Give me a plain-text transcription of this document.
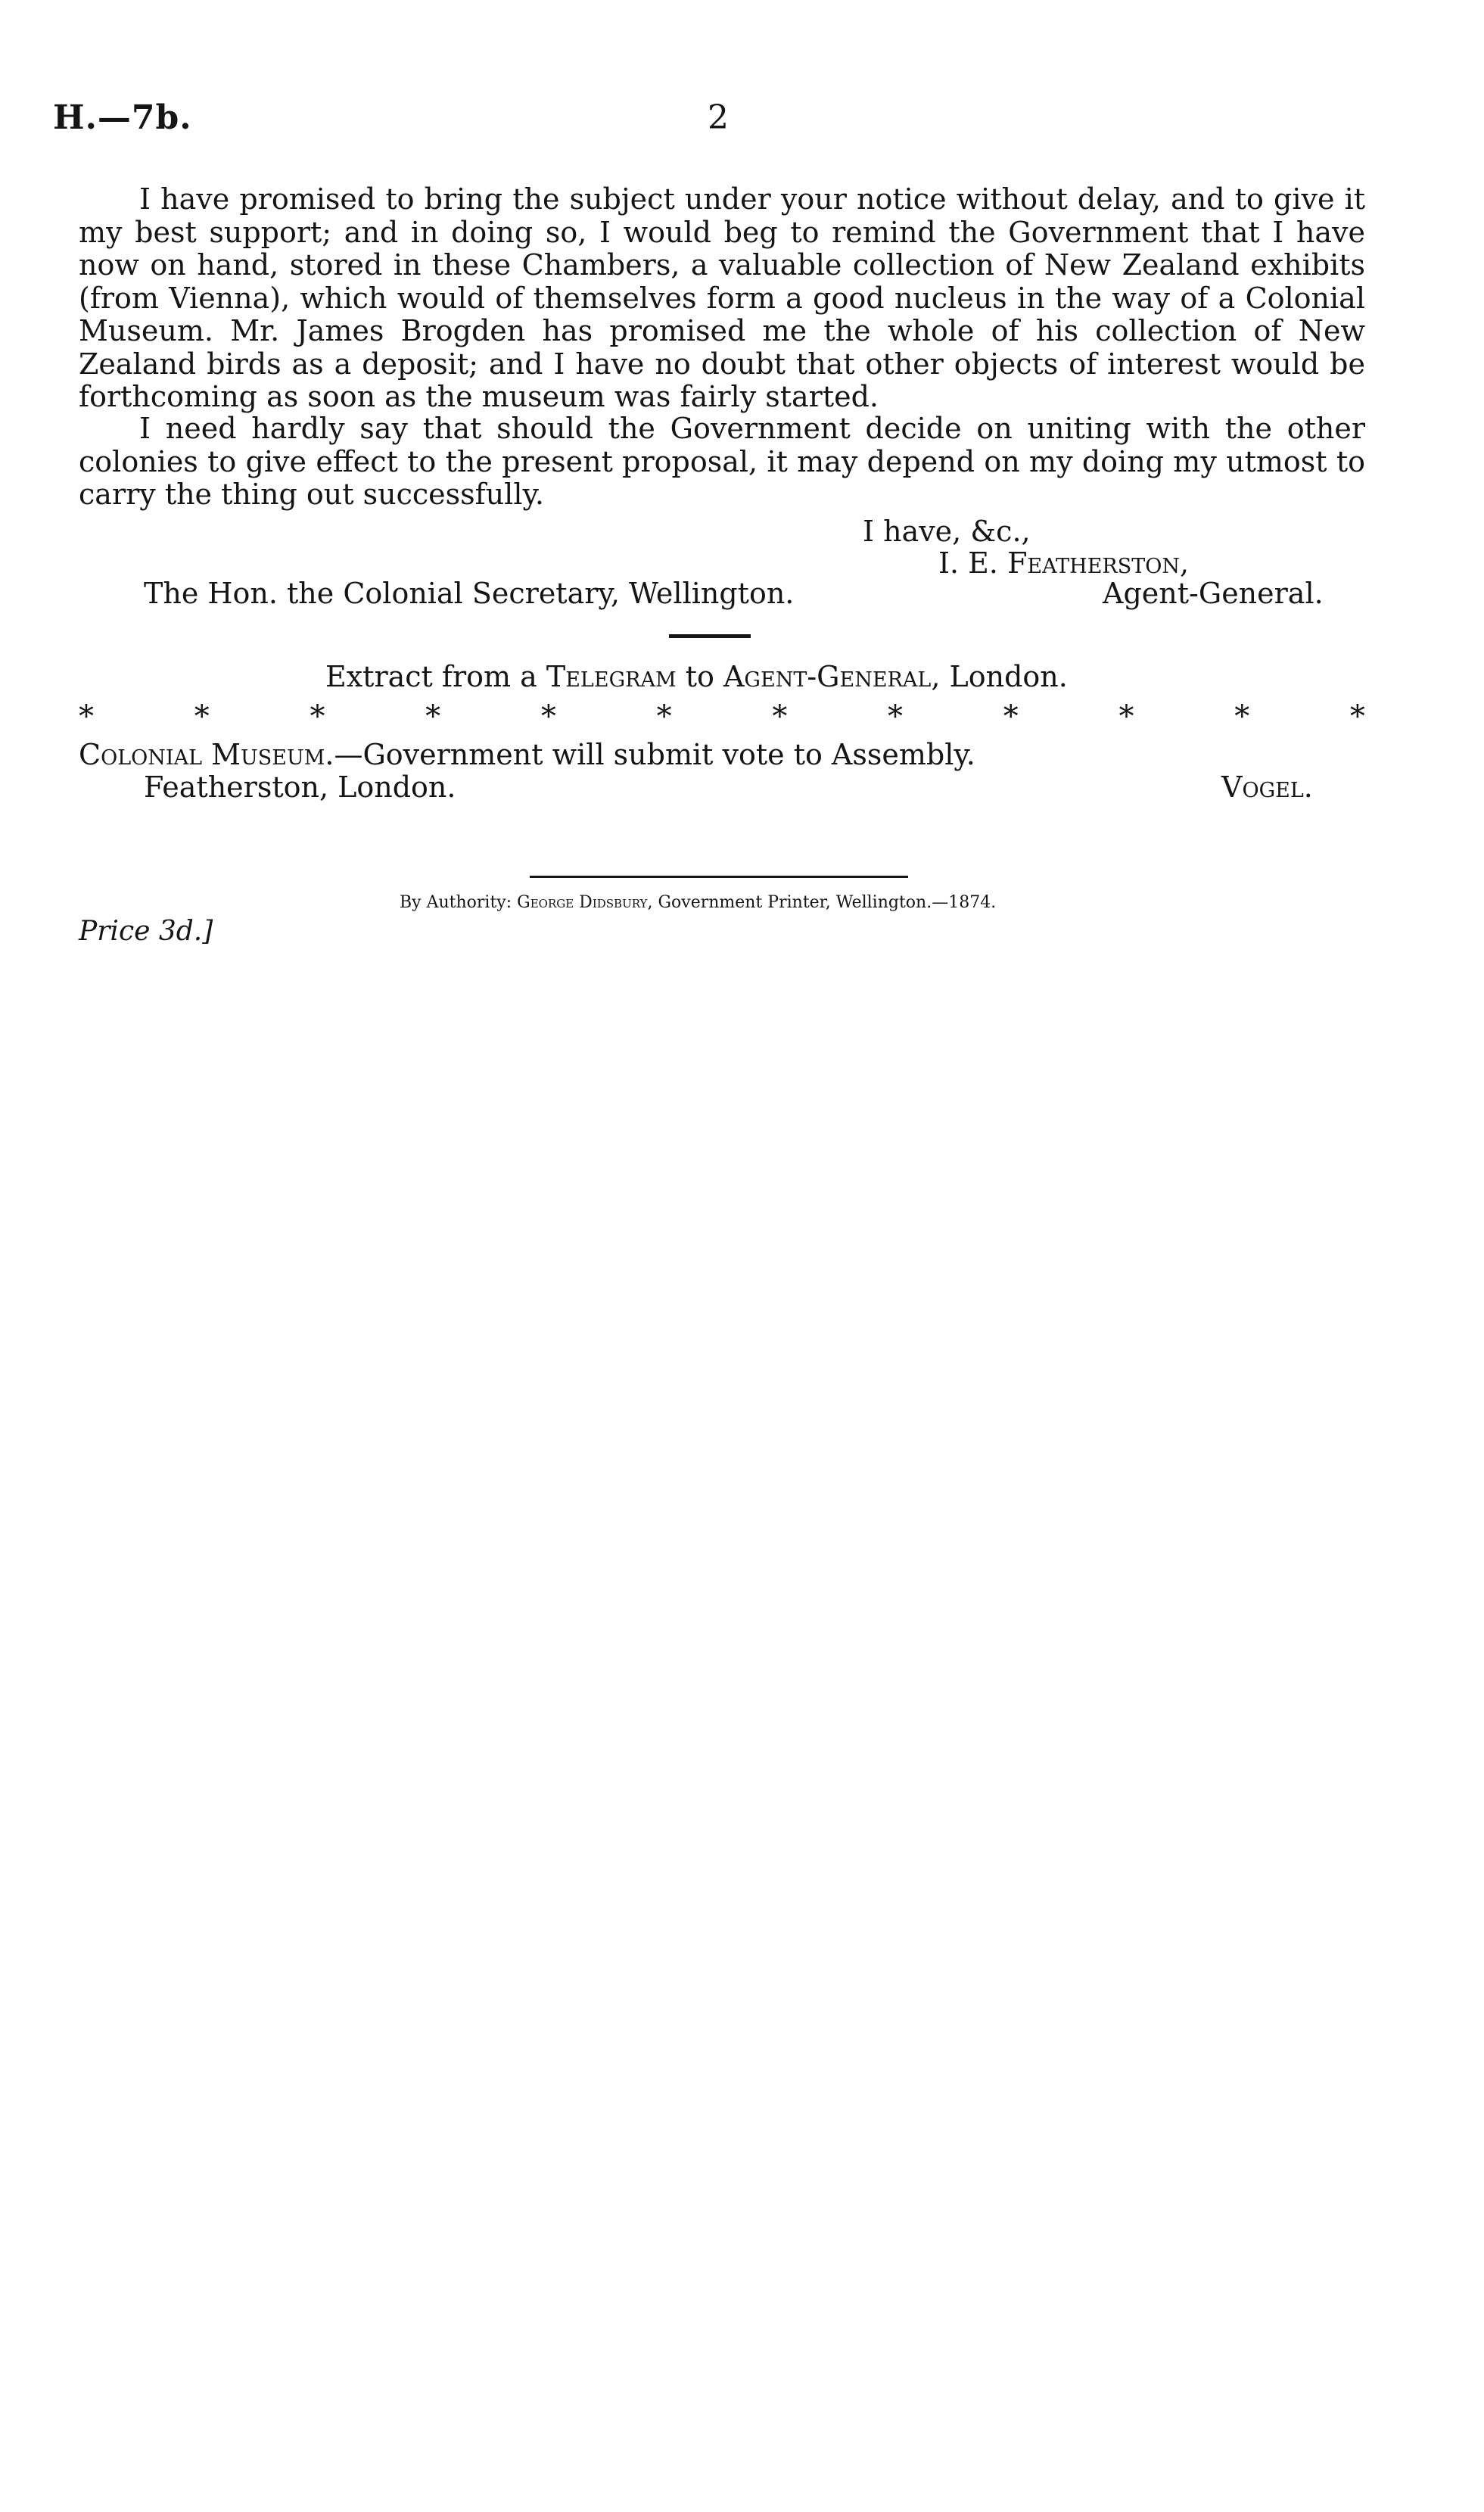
H.—7b.	2

I have promised to bring the subject under your notice without delay, and to give it my best support; and in doing so, I would beg to remind the Government that I have now on hand, stored in these Chambers, a valuable collection of New Zealand exhibits (from Vienna), which would of themselves form a good nucleus in the way of a Colonial Museum. Mr. James Brogden has promised me the whole of his collection of New Zealand birds as a deposit; and I have no doubt that other objects of interest would be forthcoming as soon as the museum was fairly started.

I need hardly say that should the Government decide on uniting with the other colonies to give effect to the present proposal, it may depend on my doing my utmost to carry the thing out successfully.

I have, &c.,
I. E. Featherston,
The Hon. the Colonial Secretary, Wellington.	Agent-General.
Extract from a Telegram to Agent-General, London.
*	*	*	*	*	*	*	*	*	*	*	*
Colonial Museum.—Government will submit vote to Assembly.
Featherston, London.	Vogel.
By Authority: George Didsbury, Government Printer, Wellington.—1874.
Price 3d.]
